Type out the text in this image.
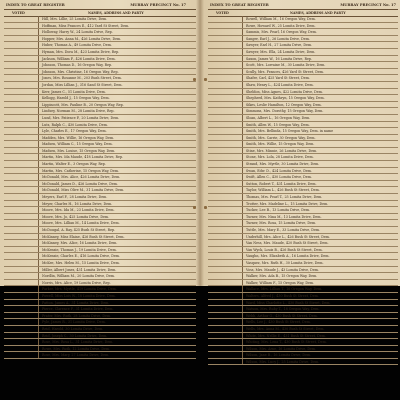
INDEX TO GREAT REGISTER	MURRAY PRECINCT No. 17
VOTED	NAMES, ADDRESS AND PARTY
Hill, Mrs. Lillie, 25 Lomita Drive, Dem.
Hoffman, Miss Frances E., 412 Yard St Street, Dem.
Holloway, Harry W., 24 Lomita Drive, Rep.
Hopper, Mrs. Anna M., 426 Lomita Drive, Dem.
Huber, Thomas A., 49 Lomita Drive, Dem.
Hyman, Mrs. Dora M., 423 Lomita Drive, Rep.
Jackson, William F., 426 Lomita Drive, Dem.
Johnson, Thomas D., 16 Oregon Way, Rep.
Johnson, Mrs. Christine, 16 Oregon Way, Rep.
Jones, Mrs. Rosanne M., 203 Bush Street, Dem.
Jordan, Miss Lillian J., 316 Sand St Street, Dem.
Kerr, James C., 51 Lomita Drive, Dem.
Kellogg, Harold J., 15 Oregon Way, Dem.
Lippincott, Mrs. Pauline B., 20 Oregon Way, Rep.
Lindsey, Norman M., 28 Lomita Drive, Rep.
Lund, Mrs. Patience P., 20 Lomita Drive, Dem.
Lutz, Ralph C., 430 Lomita Drive, Dem.
Lyle, Charles E., 17 Oregon Way, Dem.
Madden, Mrs. Willie, 16 Oregon Way, Dem.
Madsen, William C., 15 Oregon Way, Dem.
Madsen, Mrs. Louise, 15 Oregon Way, Dem.
Martin, Mrs. Ida Maude, 418 Lomita Drive, Rep.
Martin, Walter E., 3 Oregon Way, Rep.
Martin, Mrs. Catherine, 15 Oregon Way, Dem.
McDonald, Mrs. Alice, 426 Lomita Drive, Dem.
McDonald, James D., 426 Lomita Drive, Dem.
McDonald, Miss Olive M., 31 Lomita Drive, Dem.
Meyers, Earl F., 28 Lomita Drive, Dem.
Meyer, Charles H., 16 Lomita Drive, Dem.
Moore, Mrs. Ida M., 23 Lomita Drive, Dem.
Moore, Mrs. Jo, 425 Lomita Drive, Dem.
Moore, Mrs. Lillian M., 14 Lomita Drive, Dem.
McDougal, A. Ray, 425 Bush St Street, Rep.
McKinney, Miss Elaine, 426 Bush St Street, Dem.
McKinney, Mrs. Alice, 16 Lomita Drive, Dem.
McKenzie, Thomas J., 19 Lomita Drive, Dem.
McKenzie, Charles E., 416 Lomita Drive, Dem.
McKee, Mrs. Helen M., 15 Lomita Drive, Dem.
Miller, Albert Jones, 431 Lomita Drive, Dem.
Nordlin, William M., 20 Lomita Drive, Dem.
Norris, Mrs. Alice, 19 Lomita Drive, Rep.
Parker, Mrs. Myrtle, 419 Lomita Drive, Dem.
Powell, Miss Lois W., 18 Lomita Drive, Dem.
Patton, James A., 31 Lomita Drive, Dem.
Pierce, Clarence F., 31 Lomita Drive, Dem.
Prater, Mrs. Ruth, 28 Lomita Drive, Dem.
Pyle, James R., 31 Lomita Drive, Dem.
Reid, Harold, 30 Lomita Drive, Dem.
Reid, Joseph C., 30 Lomita Drive, Dem.
Rose, Mrs. Rosa L., 31 Lomita Drive, Dem.
Rowe, Mrs. Ruth, 12 Lomita Drive, Dem.
Rose, Mrs. Mary, 27 Lomita Drive, Dem.
INDEX TO GREAT REGISTER	MURRAY PRECINCT No. 17
VOTED	NAMES, ADDRESS AND PARTY
Rowell, William M., 16 Oregon Way, Dem.
Rowe, Howard W., 25 Lomita Drive, Dem.
Sammis, Mrs. Pearl, 16 Oregon Way, Dem.
Sanger, Earl J., 26 Lomita Drive, Dem.
Sawyer, Earl H., 27 Lomita Drive, Dem.
Sawyer, Mrs. Ella, 24 Lomita Drive, Dem.
Saxon, James W., 16 Lomita Drive, Rep.
Scott, Mrs. Lorraine M., 30 Lomita Drive, Dem.
Scully, Mrs. Frances, 426 Yard St Street, Dem.
Shafer, Carl, 425 Yard St Street, Dem.
Shaw, Henry L., 424 Lomita Drive, Dem.
Sheldon, Miss Agnes, 422 Lomita Drive, Dem.
Shepherd, Mrs. Kathryn, 15 Oregon Way, Dem.
Sikes, Leslie Hamilton, 12 Oregon Way, Dem.
Simmons, Mrs. Dorothy, 15 Oregon Way, Dem.
Sloan, Albert L., 16 Oregon Way, Dem.
Smith, Allen W., 15 Oregon Way, Dem.
Smith, Mrs. Bellinda, 15 Oregon Way, Dem. in name
Smith, Mrs. Carrie, 30 Oregon Way, Dem.
Smith, Mrs. Willie, 15 Oregon Way, Dem.
Stine, Mrs. Minnie, 26 Lomita Drive, Dem.
Stone, Mrs. Lola, 28 Lomita Drive, Dem.
Strand, Mrs. Myrtle, 30 Lomita Drive, Dem.
Swan, Edw. D., 424 Lomita Drive, Dem.
Swift, Allen C., 430 Lomita Drive, Dem.
Sutton, Robert T., 431 Lomita Drive, Dem.
Taylor, William L., 426 Bush St Street, Dem.
Thomas, Mrs. Pearl T., 25 Lomita Drive, Dem.
Trotter, Mrs. Madeline L., 15 Lomita Drive, Dem.
Tucker, Lee B., 13 Lomita Drive, Dem.
Turner, Mrs. Nina M., 13 Lomita Drive, Dem.
Turner, Mrs. Rosa, 15 Lomita Drive, Dem.
Tuttle, Mrs. Mary E., 33 Lomita Drive, Dem.
Underhill, Mrs. Alice L., 426 Bush St Street, Dem.
Van Ness, Mrs. Maude, 420 Bush St Street, Dem.
Van Wyck, Louis B., 426 Bush St Street, Dem.
Vaughn, Mrs. Elizabeth A., 16 Lomita Drive, Dem.
Vasquez, Mrs. Ruth H., 30 Lomita Drive, Dem.
Voss, Mrs. Maude J., 43 Lomita Drive, Dem.
Walker, Mrs. Ada B., 15 Oregon Way, Dem.
Walker, William F., 15 Oregon Way, Dem.
Wallace, Mrs. Lillian T., 16 Oregon Way, Dem.
Walters, Alfred J., 430 Bush St Street, Dem.
Ward, Miss Charlotte L., 430 Bush St Street, Dem.
Watson, Mrs. Ruby T., 18 Oregon Way, Dem.
Webb, Arthur G., 430 Bush St Street, Dem.
Wells, Lee J., 430 Bush St Street, Dem.
Wells, Mrs. Anna M., 430 Bush St Street, Dem.
White, Mrs. Nellie E., 431 Bush St Street, Dem.
Whiting, Mrs. Lena T., 430 Bush St Street, Dem.
Wilson, Mrs. Arne, 16 Lomita Drive, Dem.
Wilson, Jane B., 16 Lomita Drive, Dem.
Wilson, Mrs. Lucy J., 25 Lomita Drive, Dem.
